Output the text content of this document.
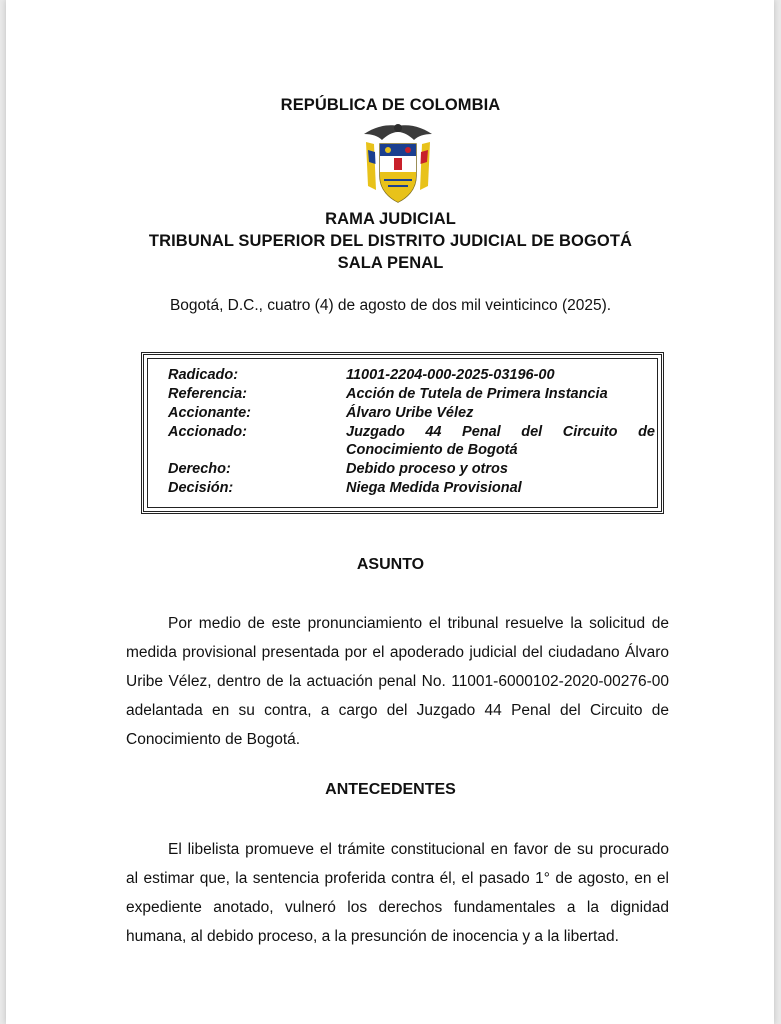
REPÚBLICA DE COLOMBIA
RAMA JUDICIAL
TRIBUNAL SUPERIOR DEL DISTRITO JUDICIAL DE BOGOTÁ
SALA PENAL
Bogotá, D.C., cuatro (4) de agosto de dos mil veinticinco (2025).
Radicado:	11001-2204-000-2025-03196-00
Referencia:	Acción de Tutela de Primera Instancia
Accionante:	Álvaro Uribe Vélez
Accionado:	Juzgado 44 Penal del Circuito de
Conocimiento de Bogotá
Derecho:	Debido proceso y otros
Decisión:	Niega Medida Provisional
ASUNTO
Por medio de este pronunciamiento el tribunal resuelve la solicitud de medida provisional presentada por el apoderado judicial del ciudadano Álvaro Uribe Vélez, dentro de la actuación penal No. 11001-6000102-2020-00276-00 adelantada en su contra, a cargo del Juzgado 44 Penal del Circuito de Conocimiento de Bogotá.
ANTECEDENTES
El libelista promueve el trámite constitucional en favor de su procurado al estimar que, la sentencia proferida contra él, el pasado 1° de agosto, en el expediente anotado, vulneró los derechos fundamentales a la dignidad humana, al debido proceso, a la presunción de inocencia y a la libertad.
